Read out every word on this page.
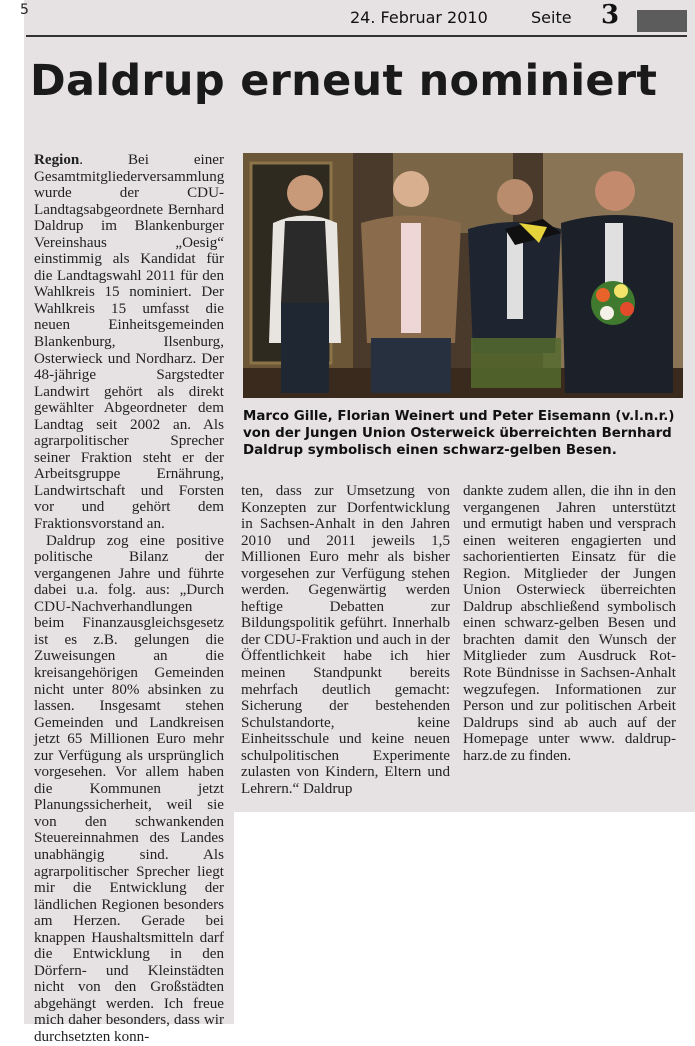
5	24. Februar 2010	Seite 3
Daldrup erneut nominiert

Region. Bei einer Gesamtmitgliederversammlung wurde der CDU-Landtagsabgeordnete Bernhard Daldrup im Blankenburger Vereinshaus „Oesig“ einstimmig als Kandidat für die Landtagswahl 2011 für den Wahlkreis 15 nominiert. Der Wahlkreis 15 umfasst die neuen Einheitsgemeinden Blankenburg, Ilsenburg, Osterwieck und Nordharz. Der 48-jährige Sargstedter Landwirt gehört als direkt gewählter Abgeordneter dem Landtag seit 2002 an. Als agrarpolitischer Sprecher seiner Fraktion steht er der Arbeitsgruppe Ernährung, Landwirtschaft und Forsten vor und gehört dem Fraktionsvorstand an.

Daldrup zog eine positive politische Bilanz der vergangenen Jahre und führte dabei u.a. folg. aus: „Durch CDU-Nachverhandlungen beim Finanzausgleichsgesetz ist es z.B. gelungen die Zuweisungen an die kreisangehörigen Gemeinden nicht unter 80% absinken zu lassen. Insgesamt stehen Gemeinden und Landkreisen jetzt 65 Millionen Euro mehr zur Verfügung als ursprünglich vorgesehen. Vor allem haben die Kommunen jetzt Planungssicherheit, weil sie von den schwankenden Steuereinnahmen des Landes unabhängig sind. Als agrarpolitischer Sprecher liegt mir die Entwicklung der ländlichen Regionen besonders am Herzen. Gerade bei knappen Haushaltsmitteln darf die Entwicklung in den Dörfern- und Kleinstädten nicht von den Großstädten abgehängt werden. Ich freue mich daher besonders, dass wir durchsetzten konn-

Marco Gille, Florian Weinert und Peter Eisemann (v.l.n.r.) von der Jungen Union Osterweick überreichten Bernhard Daldrup symbolisch einen schwarz-gelben Besen.

ten, dass zur Umsetzung von Konzepten zur Dorfentwicklung in Sachsen-Anhalt in den Jahren 2010 und 2011 jeweils 1,5 Millionen Euro mehr als bisher vorgesehen zur Verfügung stehen werden. Gegenwärtig werden heftige Debatten zur Bildungspolitik geführt. Innerhalb der CDU-Fraktion und auch in der Öffentlichkeit habe ich hier meinen Standpunkt bereits mehrfach deutlich gemacht: Sicherung der bestehenden Schulstandorte, keine Einheitsschule und keine neuen schulpolitischen Experimente zulasten von Kindern, Eltern und Lehrern.“ Daldrup

dankte zudem allen, die ihn in den vergangenen Jahren unterstützt und ermutigt haben und versprach einen weiteren engagierten und sachorientierten Einsatz für die Region. Mitglieder der Jungen Union Osterwieck überreichten Daldrup abschließend symbolisch einen schwarz-gelben Besen und brachten damit den Wunsch der Mitglieder zum Ausdruck Rot-Rote Bündnisse in Sachsen-Anhalt wegzufegen. Informationen zur Person und zur politischen Arbeit Daldrups sind ab auch auf der Homepage unter www. daldrup-harz.de zu finden.
